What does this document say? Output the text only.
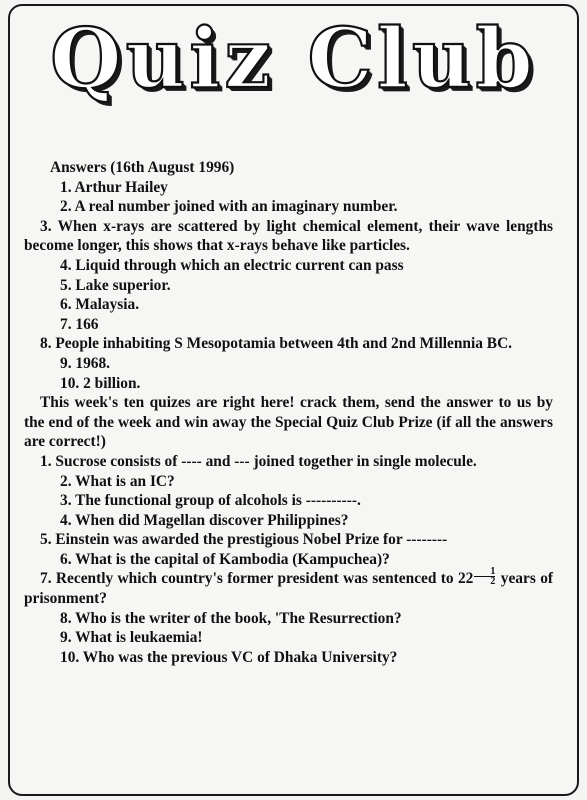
Quiz Club
Answers (16th August 1996)
1. Arthur Hailey
2. A real number joined with an imaginary number.
3. When x-rays are scattered by light chemical element, their wave lengths become longer, this shows that x-rays behave like particles.
4. Liquid through which an electric current can pass
5. Lake superior.
6. Malaysia.
7. 166
8. People inhabiting S Mesopotamia between 4th and 2nd Millennia BC.
9. 1968.
10. 2 billion.
This week's ten quizes are right here! crack them, send the answer to us by the end of the week and win away the Special Quiz Club Prize (if all the answers are correct!)
1. Sucrose consists of ---- and --- joined together in single molecule.
2. What is an IC?
3. The functional group of alcohols is ----------.
4. When did Magellan discover Philippines?
5. Einstein was awarded the prestigious Nobel Prize for --------
6. What is the capital of Kambodia (Kampuchea)?
7. Recently which country's former president was sentenced to $22 \frac{1}{2}$ years of prisonment?
8. Who is the writer of the book, 'The Resurrection?
9. What is leukaemia!
10. Who was the previous VC of Dhaka University?
